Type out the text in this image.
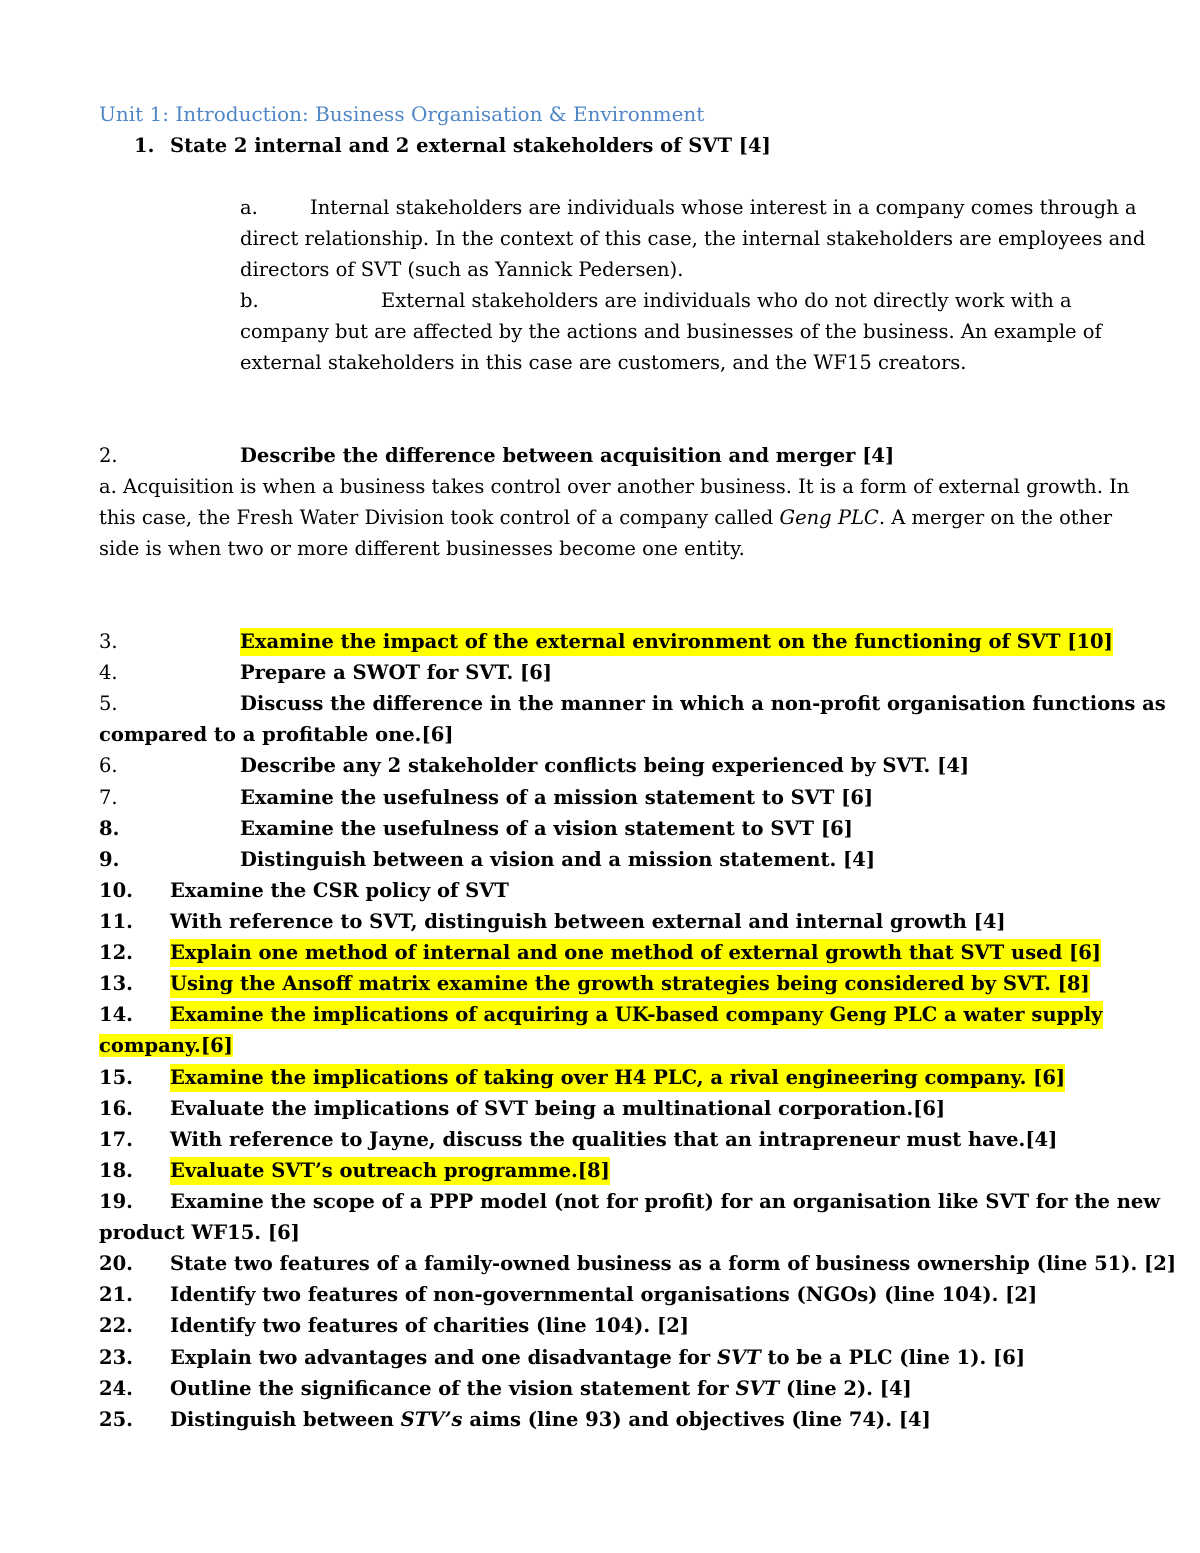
Unit 1: Introduction: Business Organisation & Environment
1. State 2 internal and 2 external stakeholders of SVT [4]
a.	Internal stakeholders are individuals whose interest in a company comes through a
direct relationship. In the context of this case, the internal stakeholders are employees and
directors of SVT (such as Yannick Pedersen).
b.	External stakeholders are individuals who do not directly work with a
company but are affected by the actions and businesses of the business. An example of
external stakeholders in this case are customers, and the WF15 creators.
2.	Describe the difference between acquisition and merger [4]
a. Acquisition is when a business takes control over another business. It is a form of external growth. In
this case, the Fresh Water Division took control of a company called Geng PLC. A merger on the other
side is when two or more different businesses become one entity.
3.	Examine the impact of the external environment on the functioning of SVT [10]
4.	Prepare a SWOT for SVT. [6]
5.	Discuss the difference in the manner in which a non-profit organisation functions as
compared to a profitable one.[6]
6.	Describe any 2 stakeholder conflicts being experienced by SVT. [4]
7.	Examine the usefulness of a mission statement to SVT [6]
8.	Examine the usefulness of a vision statement to SVT [6]
9.	Distinguish between a vision and a mission statement. [4]
10. Examine the CSR policy of SVT
11. With reference to SVT, distinguish between external and internal growth [4]
12. Explain one method of internal and one method of external growth that SVT used [6]
13. Using the Ansoff matrix examine the growth strategies being considered by SVT. [8]
14. Examine the implications of acquiring a UK-based company Geng PLC a water supply
company.[6]
15. Examine the implications of taking over H4 PLC, a rival engineering company. [6]
16. Evaluate the implications of SVT being a multinational corporation.[6]
17. With reference to Jayne, discuss the qualities that an intrapreneur must have.[4]
18. Evaluate SVT’s outreach programme.[8]
19. Examine the scope of a PPP model (not for profit) for an organisation like SVT for the new
product WF15. [6]
20. State two features of a family-owned business as a form of business ownership (line 51). [2]
21. Identify two features of non-governmental organisations (NGOs) (line 104). [2]
22. Identify two features of charities (line 104). [2]
23. Explain two advantages and one disadvantage for SVT to be a PLC (line 1). [6]
24. Outline the significance of the vision statement for SVT (line 2). [4]
25. Distinguish between STV’s aims (line 93) and objectives (line 74). [4]
